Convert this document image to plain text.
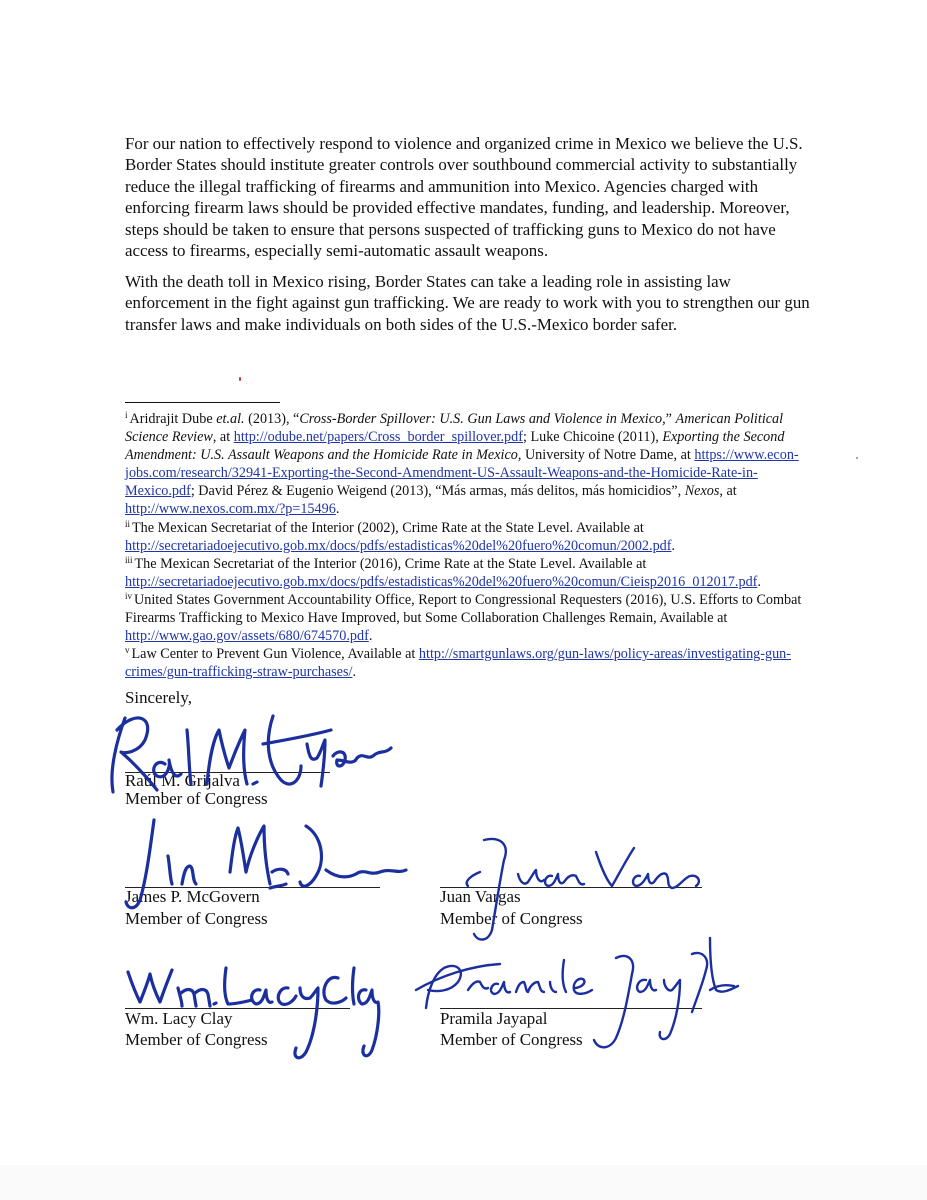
For our nation to effectively respond to violence and organized crime in Mexico we believe the U.S. Border States should institute greater controls over southbound commercial activity to substantially reduce the illegal trafficking of firearms and ammunition into Mexico. Agencies charged with enforcing firearm laws should be provided effective mandates, funding, and leadership. Moreover, steps should be taken to ensure that persons suspected of trafficking guns to Mexico do not have access to firearms, especially semi-automatic assault weapons.

With the death toll in Mexico rising, Border States can take a leading role in assisting law enforcement in the fight against gun trafficking. We are ready to work with you to strengthen our gun transfer laws and make individuals on both sides of the U.S.-Mexico border safer.

$^i$ Aridrajit Dube et.al. (2013), “Cross-Border Spillover: U.S. Gun Laws and Violence in Mexico,” American Political Science Review, at http://odube.net/papers/Cross_border_spillover.pdf; Luke Chicoine (2011), Exporting the Second Amendment: U.S. Assault Weapons and the Homicide Rate in Mexico, University of Notre Dame, at https://www.econ-jobs.com/research/32941-Exporting-the-Second-Amendment-US-Assault-Weapons-and-the-Homicide-Rate-in-Mexico.pdf; David Pérez & Eugenio Weigend (2013), “Más armas, más delitos, más homicidios”, Nexos, at http://www.nexos.com.mx/?p=15496.

$^{ii}$ The Mexican Secretariat of the Interior (2002), Crime Rate at the State Level. Available at http://secretariadoejecutivo.gob.mx/docs/pdfs/estadisticas%20del%20fuero%20comun/2002.pdf.

$^{iii}$ The Mexican Secretariat of the Interior (2016), Crime Rate at the State Level. Available at http://secretariadoejecutivo.gob.mx/docs/pdfs/estadisticas%20del%20fuero%20comun/Cieisp2016_012017.pdf.

$^{iv}$ United States Government Accountability Office, Report to Congressional Requesters (2016), U.S. Efforts to Combat Firearms Trafficking to Mexico Have Improved, but Some Collaboration Challenges Remain, Available at http://www.gao.gov/assets/680/674570.pdf.

$^v$ Law Center to Prevent Gun Violence, Available at http://smartgunlaws.org/gun-laws/policy-areas/investigating-gun-crimes/gun-trafficking-straw-purchases/.

Sincerely,
Raúl M. Grijalva
Member of Congress
James P. McGovern
Member of Congress
Juan Vargas
Member of Congress
Wm. Lacy Clay
Member of Congress
Pramila Jayapal
Member of Congress
